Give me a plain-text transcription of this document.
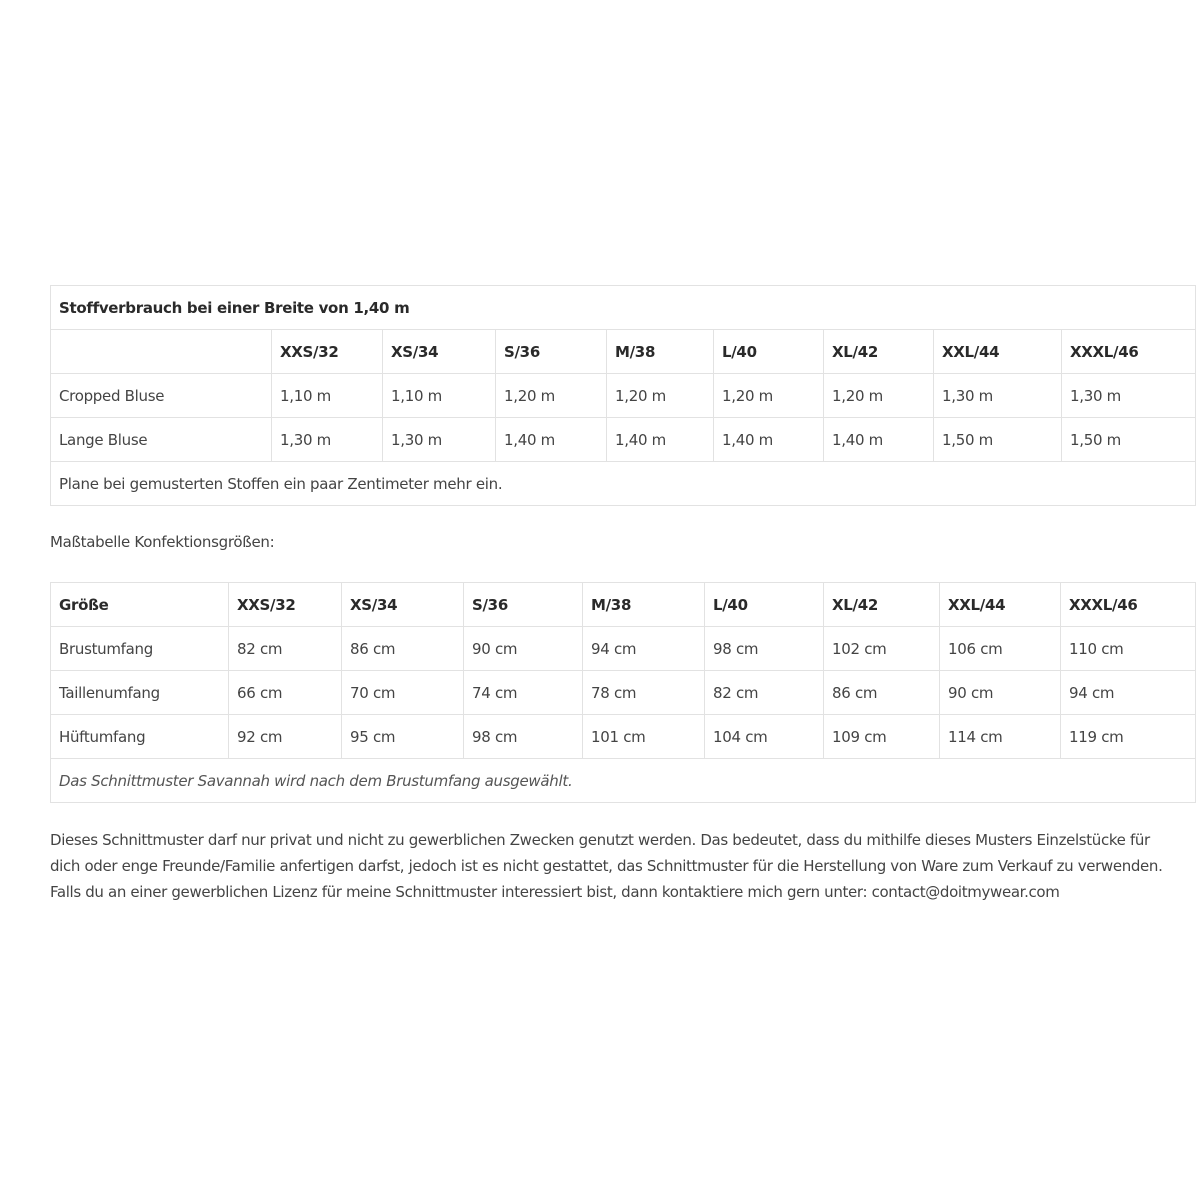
Stoffverbrauch bei einer Breite von 1,40 m								
	XXS/32	XS/34	S/36	M/38	L/40	XL/42	XXL/44	XXXL/46
Cropped Bluse	1,10 m	1,10 m	1,20 m	1,20 m	1,20 m	1,20 m	1,30 m	1,30 m
Lange Bluse	1,30 m	1,30 m	1,40 m	1,40 m	1,40 m	1,40 m	1,50 m	1,50 m
Plane bei gemusterten Stoffen ein paar Zentimeter mehr ein.								

Maßtabelle Konfektionsgrößen:

Größe	XXS/32	XS/34	S/36	M/38	L/40	XL/42	XXL/44	XXXL/46
Brustumfang	82 cm	86 cm	90 cm	94 cm	98 cm	102 cm	106 cm	110 cm
Taillenumfang	66 cm	70 cm	74 cm	78 cm	82 cm	86 cm	90 cm	94 cm
Hüftumfang	92 cm	95 cm	98 cm	101 cm	104 cm	109 cm	114 cm	119 cm
Das Schnittmuster Savannah wird nach dem Brustumfang ausgewählt.								

Dieses Schnittmuster darf nur privat und nicht zu gewerblichen Zwecken genutzt werden. Das bedeutet, dass du mithilfe dieses Musters Einzelstücke für dich oder enge Freunde/Familie anfertigen darfst, jedoch ist es nicht gestattet, das Schnittmuster für die Herstellung von Ware zum Verkauf zu verwenden. Falls du an einer gewerblichen Lizenz für meine Schnittmuster interessiert bist, dann kontaktiere mich gern unter: contact@doitmywear.com
